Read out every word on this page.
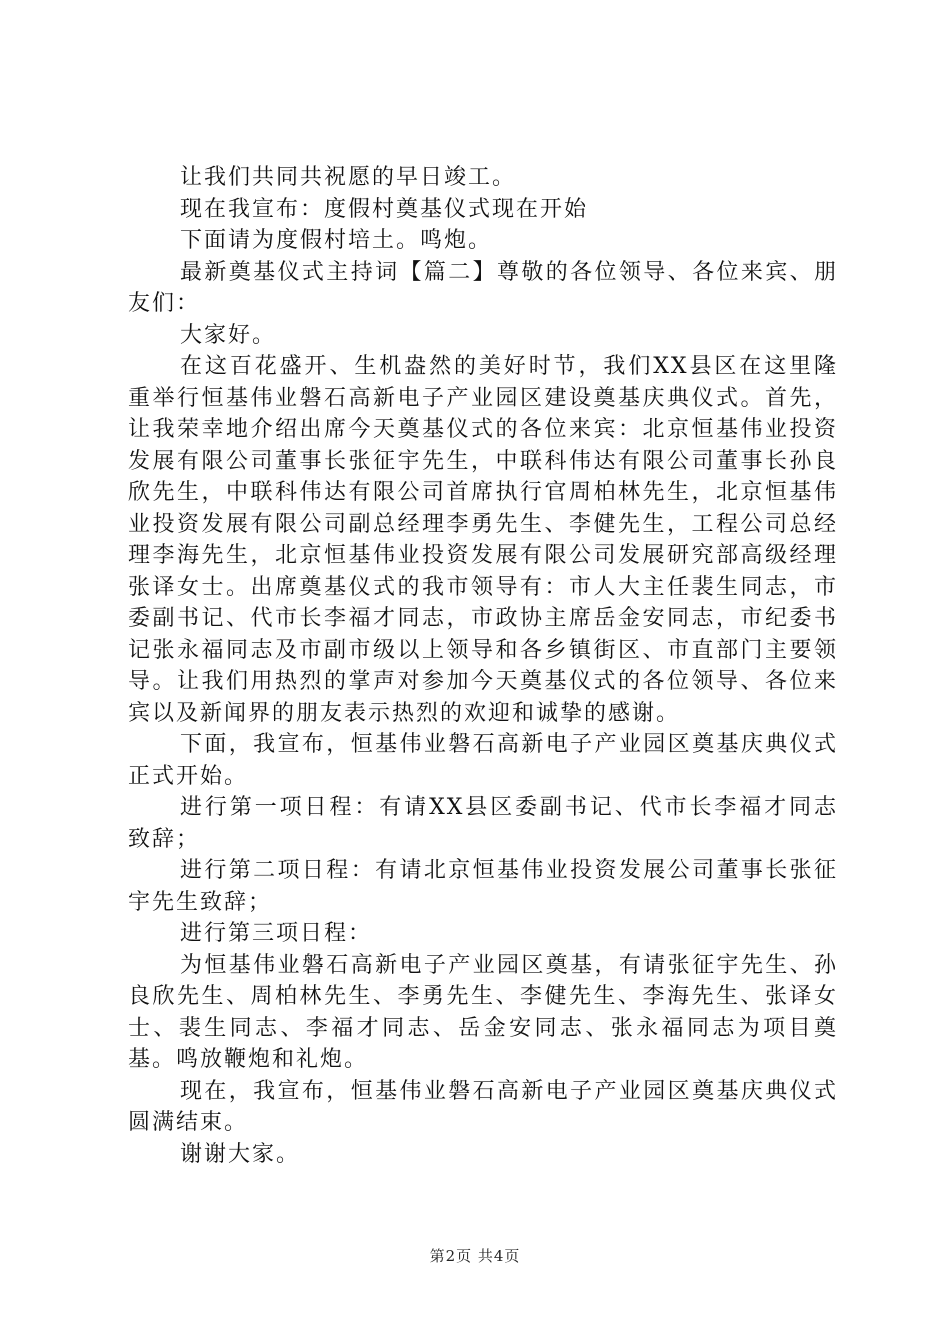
让我们共同共祝愿的早日竣工。

现在我宣布：度假村奠基仪式现在开始

下面请为度假村培土。鸣炮。

最新奠基仪式主持词【篇二】尊敬的各位领导、各位来宾、朋友们：

大家好。

在这百花盛开、生机盎然的美好时节，我们XX县区在这里隆重举行恒基伟业磐石高新电子产业园区建设奠基庆典仪式。首先，让我荣幸地介绍出席今天奠基仪式的各位来宾：北京恒基伟业投资发展有限公司董事长张征宇先生，中联科伟达有限公司董事长孙良欣先生，中联科伟达有限公司首席执行官周柏林先生，北京恒基伟业投资发展有限公司副总经理李勇先生、李健先生，工程公司总经理李海先生，北京恒基伟业投资发展有限公司发展研究部高级经理张译女士。出席奠基仪式的我市领导有：市人大主任裴生同志，市委副书记、代市长李福才同志，市政协主席岳金安同志，市纪委书记张永福同志及市副市级以上领导和各乡镇街区、市直部门主要领导。让我们用热烈的掌声对参加今天奠基仪式的各位领导、各位来宾以及新闻界的朋友表示热烈的欢迎和诚挚的感谢。

下面，我宣布，恒基伟业磐石高新电子产业园区奠基庆典仪式正式开始。

进行第一项日程：有请XX县区委副书记、代市长李福才同志致辞；

进行第二项日程：有请北京恒基伟业投资发展公司董事长张征宇先生致辞；

进行第三项日程：

为恒基伟业磐石高新电子产业园区奠基，有请张征宇先生、孙良欣先生、周柏林先生、李勇先生、李健先生、李海先生、张译女士、裴生同志、李福才同志、岳金安同志、张永福同志为项目奠基。鸣放鞭炮和礼炮。

现在，我宣布，恒基伟业磐石高新电子产业园区奠基庆典仪式圆满结束。

谢谢大家。

第2页 共4页
